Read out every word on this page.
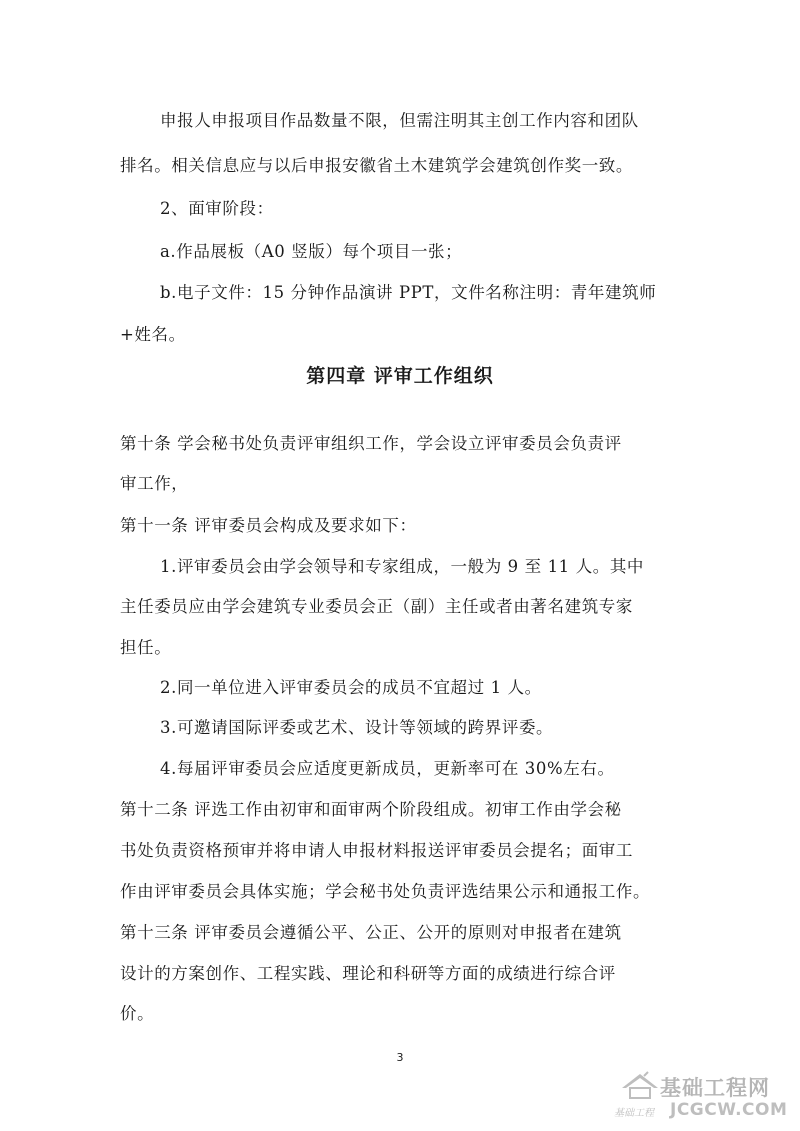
申报人申报项目作品数量不限，但需注明其主创工作内容和团队
排名。相关信息应与以后申报安徽省土木建筑学会建筑创作奖一致。
2、面审阶段：
a.作品展板（A0 竖版）每个项目一张；
b.电子文件：15 分钟作品演讲 PPT，文件名称注明：青年建筑师
+姓名。
第四章 评审工作组织
第十条 学会秘书处负责评审组织工作，学会设立评审委员会负责评
审工作，
第十一条 评审委员会构成及要求如下：
1.评审委员会由学会领导和专家组成，一般为 9 至 11 人。其中
主任委员应由学会建筑专业委员会正（副）主任或者由著名建筑专家
担任。
2.同一单位进入评审委员会的成员不宜超过 1 人。
3.可邀请国际评委或艺术、设计等领域的跨界评委。
4.每届评审委员会应适度更新成员，更新率可在 30%左右。
第十二条 评选工作由初审和面审两个阶段组成。初审工作由学会秘
书处负责资格预审并将申请人申报材料报送评审委员会提名；面审工
作由评审委员会具体实施；学会秘书处负责评选结果公示和通报工作。
第十三条 评审委员会遵循公平、公正、公开的原则对申报者在建筑
设计的方案创作、工程实践、理论和科研等方面的成绩进行综合评
价。
3
基础工程网
基础工程 JCGCW.COM
